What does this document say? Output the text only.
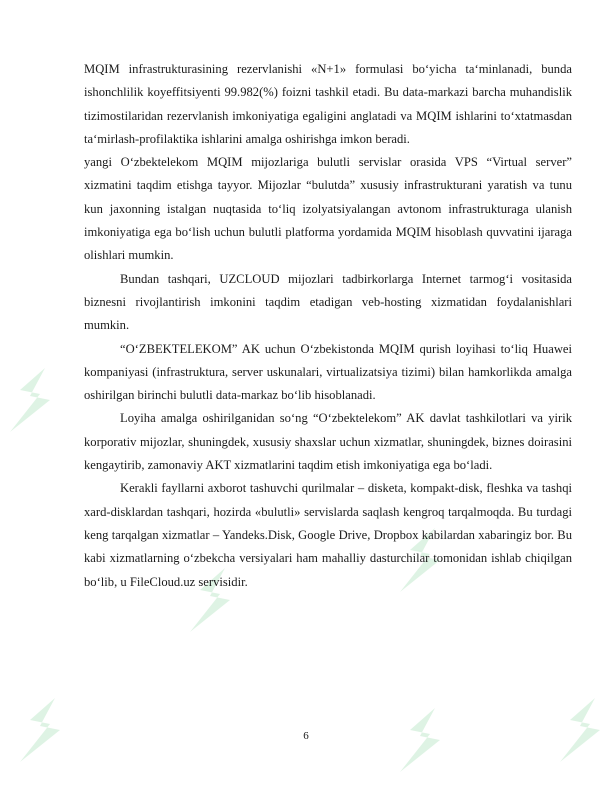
MQIM infrastrukturasining rezervlanishi «N+1» formulasi bo‘yicha ta‘minlanadi, bunda ishonchlilik koyeffitsiyenti 99.982(%) foizni tashkil etadi. Bu data-markazi barcha muhandislik tizimostilaridan rezervlanish imkoniyatiga egaligini anglatadi va MQIM ishlarini to‘xtatmasdan ta‘mirlash-profilaktika ishlarini amalga oshirishga imkon beradi.

yangi O‘zbektelekom MQIM mijozlariga bulutli servislar orasida VPS “Virtual server” xizmatini taqdim etishga tayyor. Mijozlar “bulutda” xususiy infrastrukturani yaratish va tunu kun jaxonning istalgan nuqtasida to‘liq izolyatsiyalangan avtonom infrastrukturaga ulanish imkoniyatiga ega bo‘lish uchun bulutli platforma yordamida MQIM hisoblash quvvatini ijaraga olishlari mumkin.

Bundan tashqari, UZCLOUD mijozlari tadbirkorlarga Internet tarmog‘i vositasida biznesni rivojlantirish imkonini taqdim etadigan veb-hosting xizmatidan foydalanishlari mumkin.

“O‘ZBEKTELEKOM” AK uchun O‘zbekistonda MQIM qurish loyihasi to‘liq Huawei kompaniyasi (infrastruktura, server uskunalari, virtualizatsiya tizimi) bilan hamkorlikda amalga oshirilgan birinchi bulutli data-markaz bo‘lib hisoblanadi.

Loyiha amalga oshirilganidan so‘ng “O‘zbektelekom” AK davlat tashkilotlari va yirik korporativ mijozlar, shuningdek, xususiy shaxslar uchun xizmatlar, shuningdek, biznes doirasini kengaytirib, zamonaviy AKT xizmatlarini taqdim etish imkoniyatiga ega bo‘ladi.

Kerakli fayllarni axborot tashuvchi qurilmalar – disketa, kompakt-disk, fleshka va tashqi xard-disklardan tashqari, hozirda «bulutli» servislarda saqlash kengroq tarqalmoqda. Bu turdagi keng tarqalgan xizmatlar – Yandeks.Disk, Google Drive, Dropbox kabilardan xabaringiz bor. Bu kabi xizmatlarning o‘zbekcha versiyalari ham mahalliy dasturchilar tomonidan ishlab chiqilgan bo‘lib, u FileCloud.uz servisidir.

6
